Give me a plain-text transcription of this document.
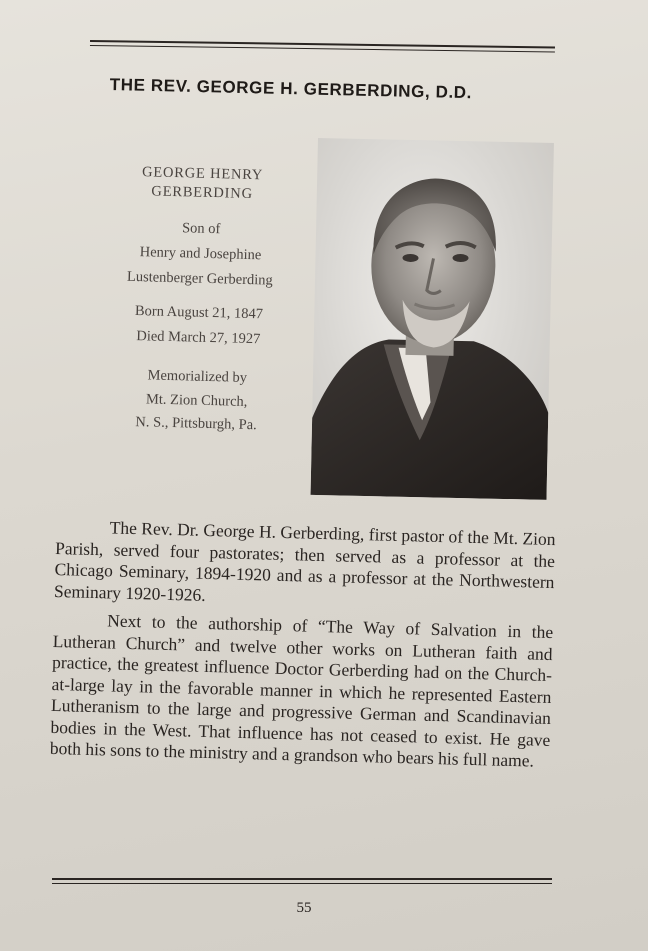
THE REV. GEORGE H. GERBERDING, D.D.
GEORGE HENRY
GERBERDING
Son of
Henry and Josephine
Lustenberger Gerberding
Born August 21, 1847
Died March 27, 1927
Memorialized by
Mt. Zion Church,
N. S., Pittsburgh, Pa.

The Rev. Dr. George H. Gerberding, first pastor of the Mt. Zion Parish, served four pastorates; then served as a professor at the Chicago Seminary, 1894-1920 and as a professor at the Northwestern Seminary 1920-1926.

Next to the authorship of “The Way of Salvation in the Lutheran Church” and twelve other works on Lutheran faith and practice, the greatest influence Doctor Gerberding had on the Church-at-large lay in the favorable manner in which he represented Eastern Lutheranism to the large and progressive German and Scandinavian bodies in the West. That influence has not ceased to exist. He gave both his sons to the ministry and a grandson who bears his full name.

55
